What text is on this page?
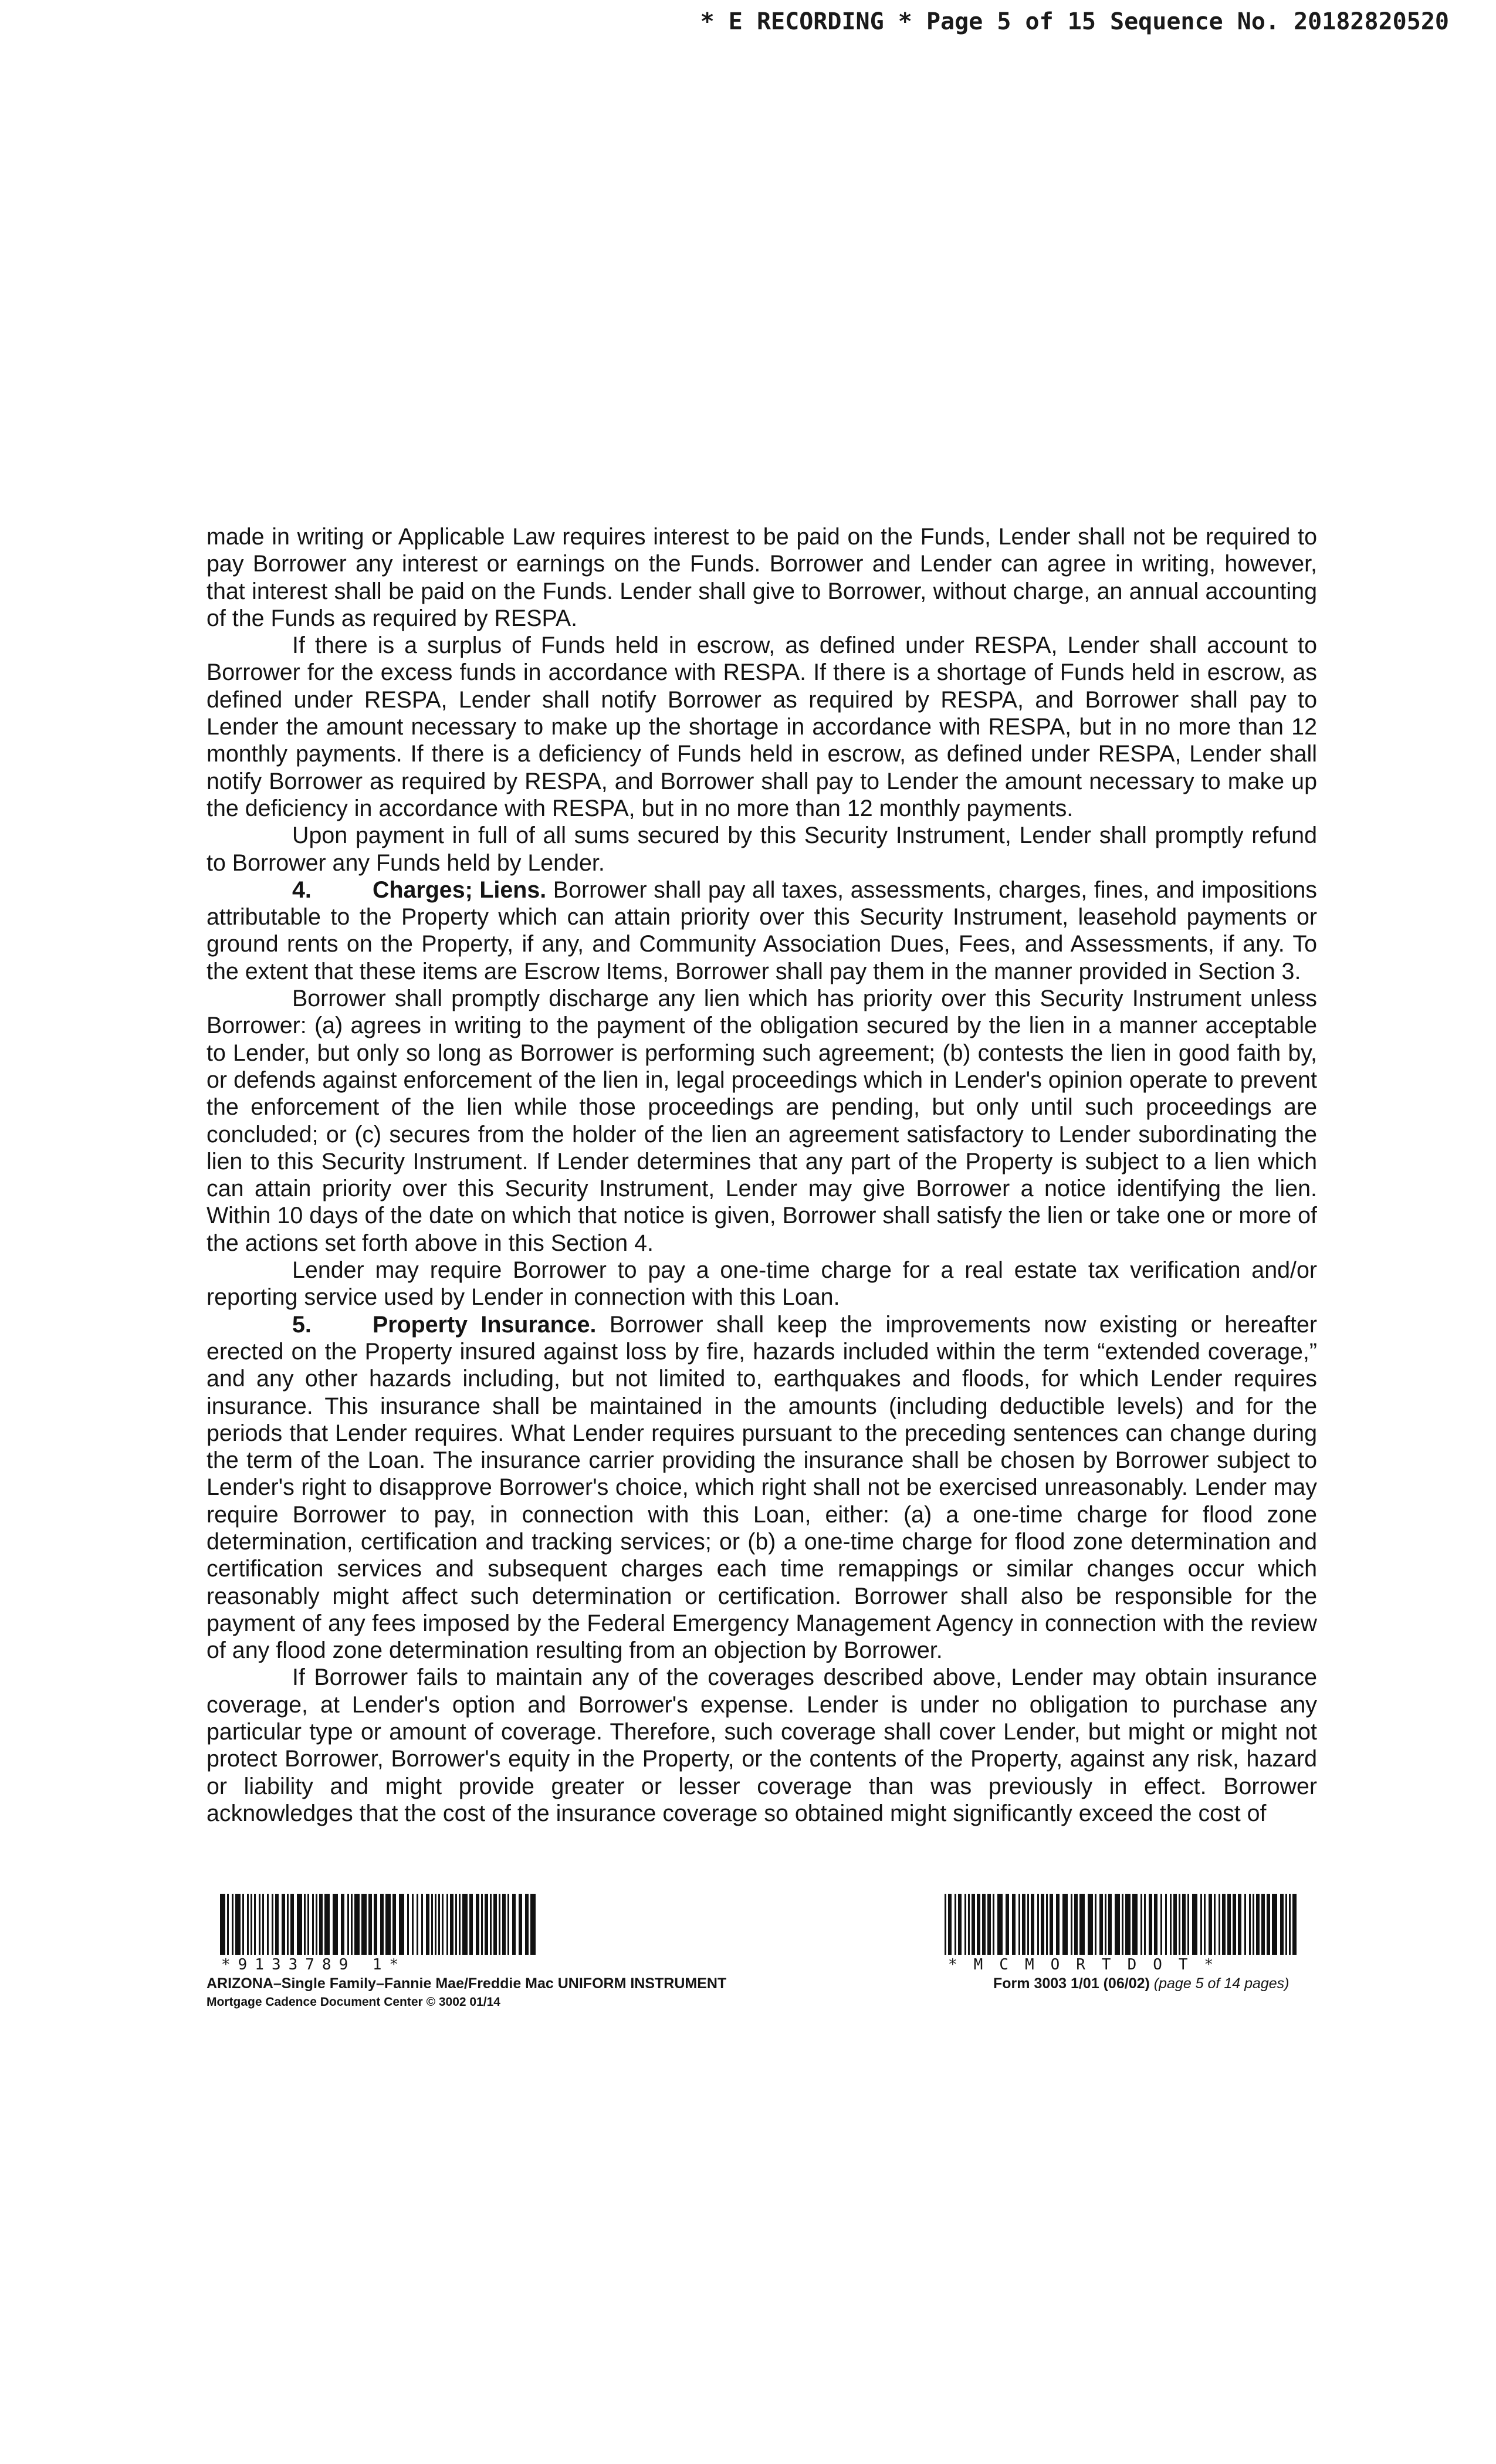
* E RECORDING * Page 5 of 15 Sequence No. 20182820520

made in writing or Applicable Law requires interest to be paid on the Funds, Lender shall not be required to pay Borrower any interest or earnings on the Funds. Borrower and Lender can agree in writing, however, that interest shall be paid on the Funds. Lender shall give to Borrower, without charge, an annual accounting of the Funds as required by RESPA.

If there is a surplus of Funds held in escrow, as defined under RESPA, Lender shall account to Borrower for the excess funds in accordance with RESPA. If there is a shortage of Funds held in escrow, as defined under RESPA, Lender shall notify Borrower as required by RESPA, and Borrower shall pay to Lender the amount necessary to make up the shortage in accordance with RESPA, but in no more than 12 monthly payments. If there is a deficiency of Funds held in escrow, as defined under RESPA, Lender shall notify Borrower as required by RESPA, and Borrower shall pay to Lender the amount necessary to make up the deficiency in accordance with RESPA, but in no more than 12 monthly payments.

Upon payment in full of all sums secured by this Security Instrument, Lender shall promptly refund to Borrower any Funds held by Lender.

4.	Charges; Liens. Borrower shall pay all taxes, assessments, charges, fines, and impositions attributable to the Property which can attain priority over this Security Instrument, leasehold payments or ground rents on the Property, if any, and Community Association Dues, Fees, and Assessments, if any. To the extent that these items are Escrow Items, Borrower shall pay them in the manner provided in Section 3.

Borrower shall promptly discharge any lien which has priority over this Security Instrument unless Borrower: (a) agrees in writing to the payment of the obligation secured by the lien in a manner acceptable to Lender, but only so long as Borrower is performing such agreement; (b) contests the lien in good faith by, or defends against enforcement of the lien in, legal proceedings which in Lender's opinion operate to prevent the enforcement of the lien while those proceedings are pending, but only until such proceedings are concluded; or (c) secures from the holder of the lien an agreement satisfactory to Lender subordinating the lien to this Security Instrument. If Lender determines that any part of the Property is subject to a lien which can attain priority over this Security Instrument, Lender may give Borrower a notice identifying the lien. Within 10 days of the date on which that notice is given, Borrower shall satisfy the lien or take one or more of the actions set forth above in this Section 4.

Lender may require Borrower to pay a one-time charge for a real estate tax verification and/or reporting service used by Lender in connection with this Loan.

5.	Property Insurance. Borrower shall keep the improvements now existing or hereafter erected on the Property insured against loss by fire, hazards included within the term “extended coverage,” and any other hazards including, but not limited to, earthquakes and floods, for which Lender requires insurance. This insurance shall be maintained in the amounts (including deductible levels) and for the periods that Lender requires. What Lender requires pursuant to the preceding sentences can change during the term of the Loan. The insurance carrier providing the insurance shall be chosen by Borrower subject to Lender's right to disapprove Borrower's choice, which right shall not be exercised unreasonably. Lender may require Borrower to pay, in connection with this Loan, either: (a) a one-time charge for flood zone determination, certification and tracking services; or (b) a one-time charge for flood zone determination and certification services and subsequent charges each time remappings or similar changes occur which reasonably might affect such determination or certification. Borrower shall also be responsible for the payment of any fees imposed by the Federal Emergency Management Agency in connection with the review of any flood zone determination resulting from an objection by Borrower.

If Borrower fails to maintain any of the coverages described above, Lender may obtain insurance coverage, at Lender's option and Borrower's expense. Lender is under no obligation to purchase any particular type or amount of coverage. Therefore, such coverage shall cover Lender, but might or might not protect Borrower, Borrower's equity in the Property, or the contents of the Property, against any risk, hazard or liability and might provide greater or lesser coverage than was previously in effect. Borrower acknowledges that the cost of the insurance coverage so obtained might significantly exceed the cost of

*9133789 1*
ARIZONA–Single Family–Fannie Mae/Freddie Mac UNIFORM INSTRUMENT
Mortgage Cadence Document Center © 3002 01/14
*MCMORTDOT*
Form 3003 1/01 (06/02) (page 5 of 14 pages)
